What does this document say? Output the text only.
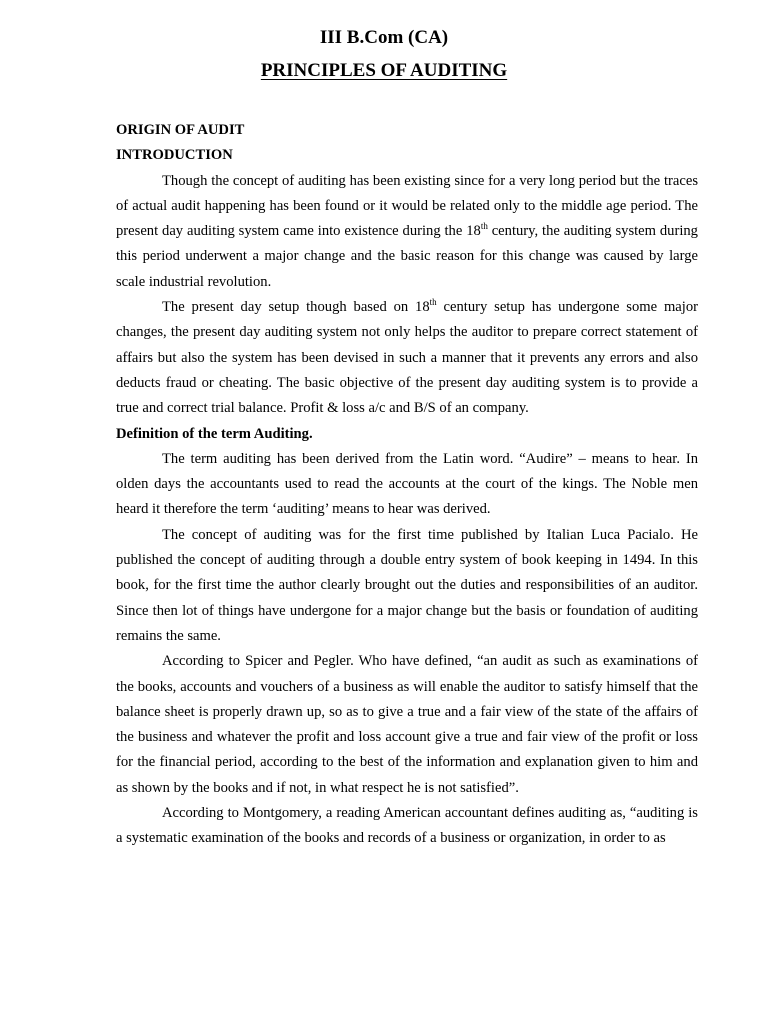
III B.Com (CA)
PRINCIPLES OF AUDITING

ORIGIN OF AUDIT

INTRODUCTION

Though the concept of auditing has been existing since for a very long period but the traces of actual audit happening has been found or it would be related only to the middle age period. The present day auditing system came into existence during the 18th century, the auditing system during this period underwent a major change and the basic reason for this change was caused by large scale industrial revolution.

The present day setup though based on 18th century setup has undergone some major changes, the present day auditing system not only helps the auditor to prepare correct statement of affairs but also the system has been devised in such a manner that it prevents any errors and also deducts fraud or cheating. The basic objective of the present day auditing system is to provide a true and correct trial balance. Profit & loss a/c and B/S of an company.

Definition of the term Auditing.

The term auditing has been derived from the Latin word. “Audire” – means to hear. In olden days the accountants used to read the accounts at the court of the kings. The Noble men heard it therefore the term ‘auditing’ means to hear was derived.

The concept of auditing was for the first time published by Italian Luca Pacialo. He published the concept of auditing through a double entry system of book keeping in 1494. In this book, for the first time the author clearly brought out the duties and responsibilities of an auditor. Since then lot of things have undergone for a major change but the basis or foundation of auditing remains the same.

According to Spicer and Pegler. Who have defined, “an audit as such as examinations of the books, accounts and vouchers of a business as will enable the auditor to satisfy himself that the balance sheet is properly drawn up, so as to give a true and a fair view of the state of the affairs of the business and whatever the profit and loss account give a true and fair view of the profit or loss for the financial period, according to the best of the information and explanation given to him and as shown by the books and if not, in what respect he is not satisfied”.

According to Montgomery, a reading American accountant defines auditing as, “auditing is a systematic examination of the books and records of a business or organization, in order to as
